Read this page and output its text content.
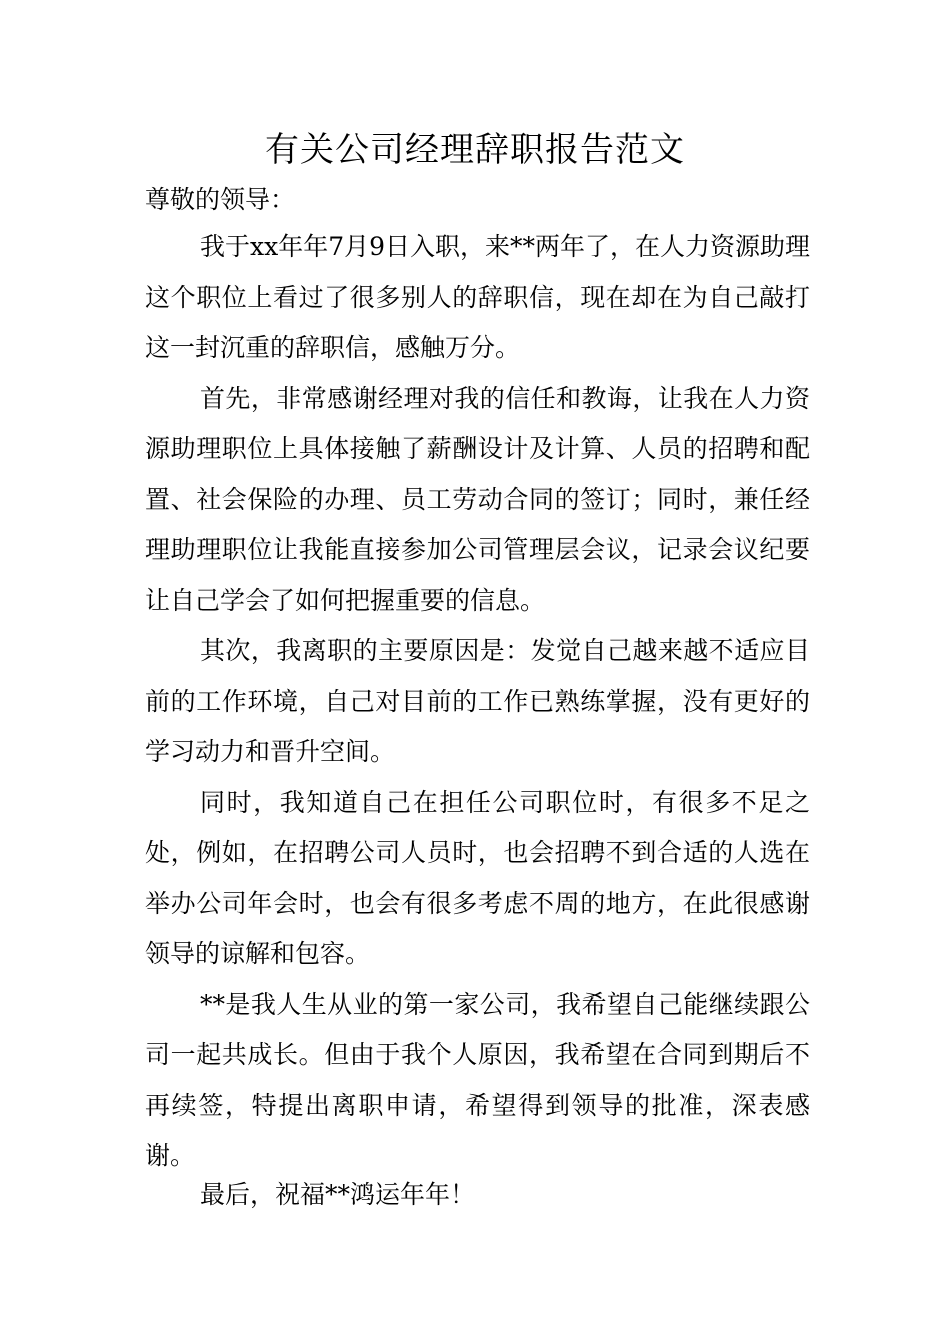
有关公司经理辞职报告范文
尊敬的领导：

我于xx年年7月9日入职，来**两年了，在人力资源助理这个职位上看过了很多别人的辞职信，现在却在为自己敲打这一封沉重的辞职信，感触万分。

首先，非常感谢经理对我的信任和教诲，让我在人力资源助理职位上具体接触了薪酬设计及计算、人员的招聘和配置、社会保险的办理、员工劳动合同的签订；同时，兼任经理助理职位让我能直接参加公司管理层会议，记录会议纪要让自己学会了如何把握重要的信息。

其次，我离职的主要原因是：发觉自己越来越不适应目前的工作环境，自己对目前的工作已熟练掌握，没有更好的学习动力和晋升空间。

同时，我知道自己在担任公司职位时，有很多不足之处，例如，在招聘公司人员时，也会招聘不到合适的人选在举办公司年会时，也会有很多考虑不周的地方，在此很感谢领导的谅解和包容。

**是我人生从业的第一家公司，我希望自己能继续跟公司一起共成长。但由于我个人原因，我希望在合同到期后不再续签，特提出离职申请，希望得到领导的批准，深表感谢。

最后，祝福**鸿运年年！
